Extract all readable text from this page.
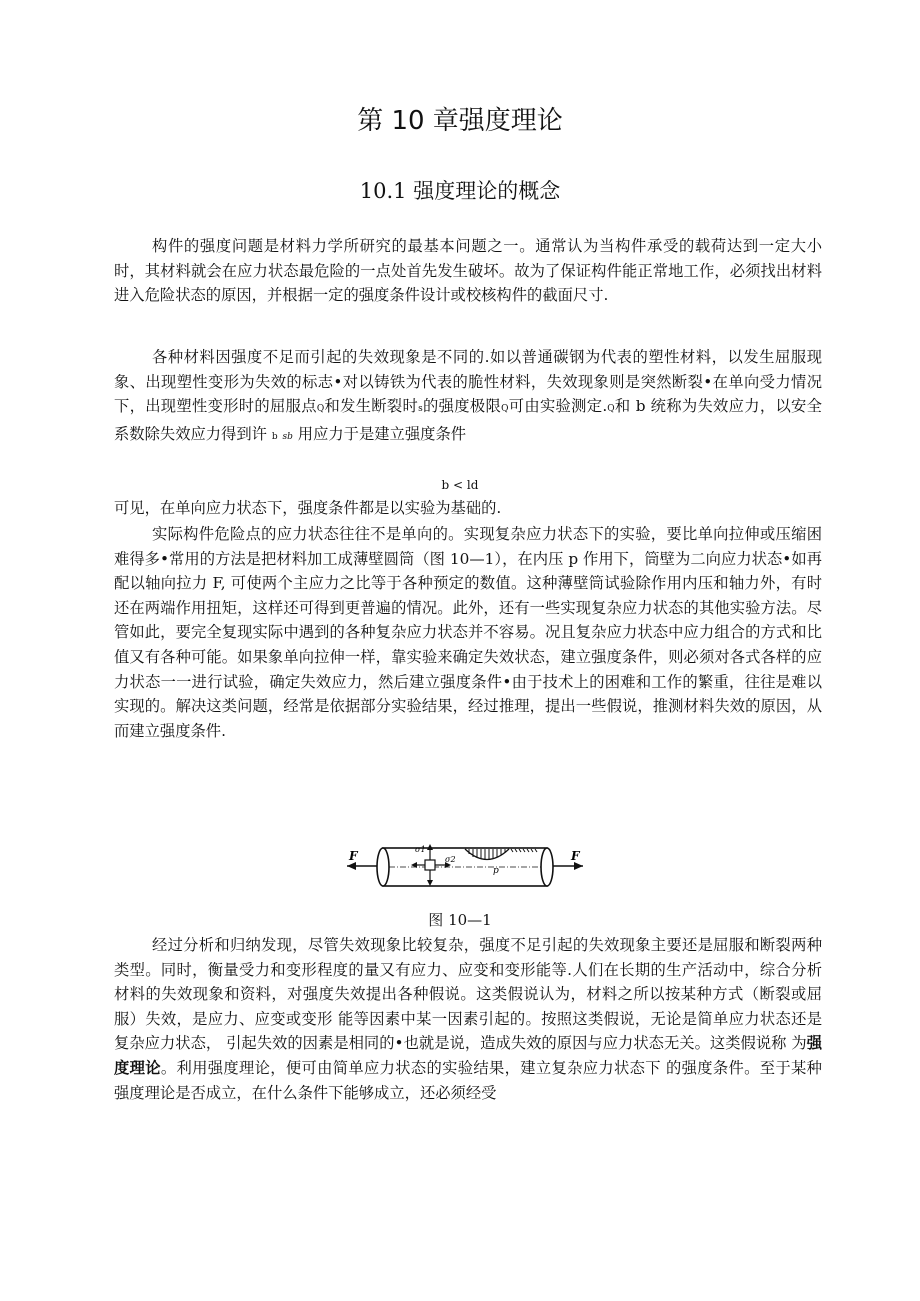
第 10 章强度理论
10.1 强度理论的概念
构件的强度问题是材料力学所研究的最基本问题之一。通常认为当构件承受的载荷达到一定大小时，其材料就会在应力状态最危险的一点处首先发生破坏。故为了保证构件能正常地工作，必须找出材料进入危险状态的原因，并根据一定的强度条件设计或校核构件的截面尺寸.
各种材料因强度不足而引起的失效现象是不同的.如以普通碳钢为代表的塑性材料，以发生屈服现象、出现塑性变形为失效的标志•对以铸铁为代表的脆性材料，失效现象则是突然断裂•在单向受力情况下，出现塑性变形时的屈服点Q和发生断裂时s的强度极限Q可由实验测定.Q和 b 统称为失效应力，以安全系数除失效应力得到许 b sb 用应力于是建立强度条件
b < ld
可见，在单向应力状态下，强度条件都是以实验为基础的.
实际构件危险点的应力状态往往不是单向的。实现复杂应力状态下的实验，要比单向拉伸或压缩困难得多•常用的方法是把材料加工成薄壁圆筒（图 10—1），在内压 p 作用下，筒壁为二向应力状态•如再配以轴向拉力 F, 可使两个主应力之比等于各种预定的数值。这种薄壁筒试验除作用内压和轴力外，有时还在两端作用扭矩，这样还可得到更普遍的情况。此外，还有一些实现复杂应力状态的其他实验方法。尽管如此，要完全复现实际中遇到的各种复杂应力状态并不容易。况且复杂应力状态中应力组合的方式和比值又有各种可能。如果象单向拉伸一样，靠实验来确定失效状态，建立强度条件，则必须对各式各样的应力状态一一进行试验，确定失效应力，然后建立强度条件•由于技术上的困难和工作的繁重，往往是难以实现的。解决这类问题，经常是依据部分实验结果，经过推理，提出一些假说，推测材料失效的原因，从而建立强度条件.
F	F
σ1
σ2
p
图 10—1
经过分析和归纳发现，尽管失效现象比较复杂，强度不足引起的失效现象主要还是屈服和断裂两种类型。同时，衡量受力和变形程度的量又有应力、应变和变形能等.人们在长期的生产活动中，综合分析材料的失效现象和资料，对强度失效提出各种假说。这类假说认为，材料之所以按某种方式（断裂或屈服）失效，是应力、应变或变形 能等因素中某一因素引起的。按照这类假说，无论是简单应力状态还是复杂应力状态， 引起失效的因素是相同的•也就是说，造成失效的原因与应力状态无关。这类假说称 为强度理论。利用强度理论，便可由简单应力状态的实验结果，建立复杂应力状态下 的强度条件。至于某种强度理论是否成立，在什么条件下能够成立，还必须经受
